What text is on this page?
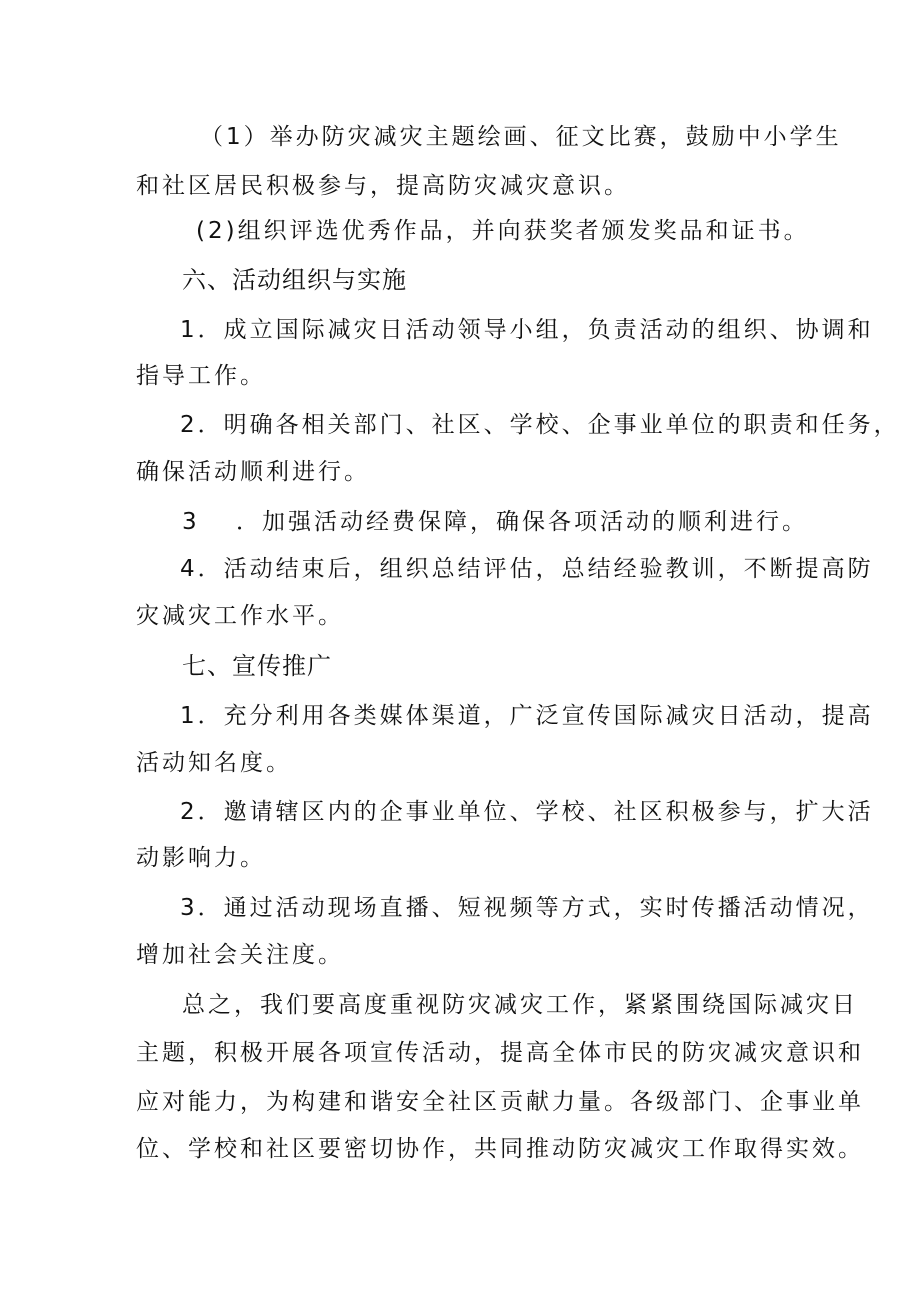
（1）举办防灾减灾主题绘画、征文比赛，鼓励中小学生
和社区居民积极参与，提高防灾减灾意识。
(2)组织评选优秀作品，并向获奖者颁发奖品和证书。
六、活动组织与实施
1．成立国际减灾日活动领导小组，负责活动的组织、协调和
指导工作。
2．明确各相关部门、社区、学校、企事业单位的职责和任务，
确保活动顺利进行。
3 ．加强活动经费保障，确保各项活动的顺利进行。
4．活动结束后，组织总结评估，总结经验教训，不断提高防
灾减灾工作水平。
七、宣传推广
1．充分利用各类媒体渠道，广泛宣传国际减灾日活动，提高
活动知名度。
2．邀请辖区内的企事业单位、学校、社区积极参与，扩大活
动影响力。
3．通过活动现场直播、短视频等方式，实时传播活动情况，
增加社会关注度。
总之，我们要高度重视防灾减灾工作，紧紧围绕国际减灾日
主题，积极开展各项宣传活动，提高全体市民的防灾减灾意识和
应对能力，为构建和谐安全社区贡献力量。各级部门、企事业单
位、学校和社区要密切协作，共同推动防灾减灾工作取得实效。
